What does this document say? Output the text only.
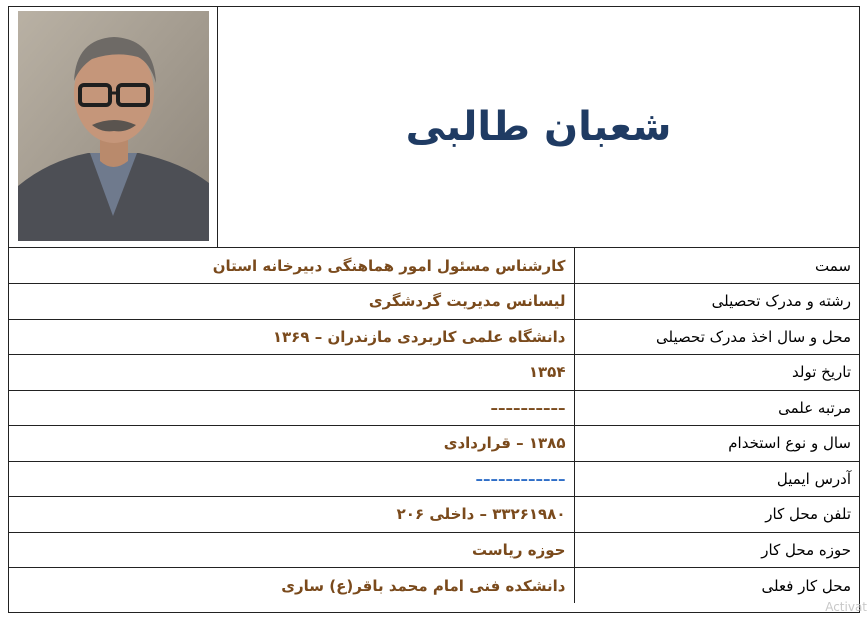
شعبان طالبی
سمت	کارشناس مسئول امور هماهنگی دبیرخانه استان
رشته و مدرک تحصیلی	لیسانس مدیریت گردشگری
محل و سال اخذ مدرک تحصیلی	دانشگاه علمی کاربردی مازندران – ۱۳۶۹
تاریخ تولد	۱۳۵۴
مرتبه علمی	––––––––––
سال و نوع استخدام	۱۳۸۵ – قراردادی
آدرس ایمیل	––––––––––––
تلفن محل کار	۳۳۲۶۱۹۸۰ – داخلی ۲۰۶
حوزه محل کار	حوزه ریاست
محل کار فعلی	دانشکده فنی امام محمد باقر(ع) ساری
Activat
